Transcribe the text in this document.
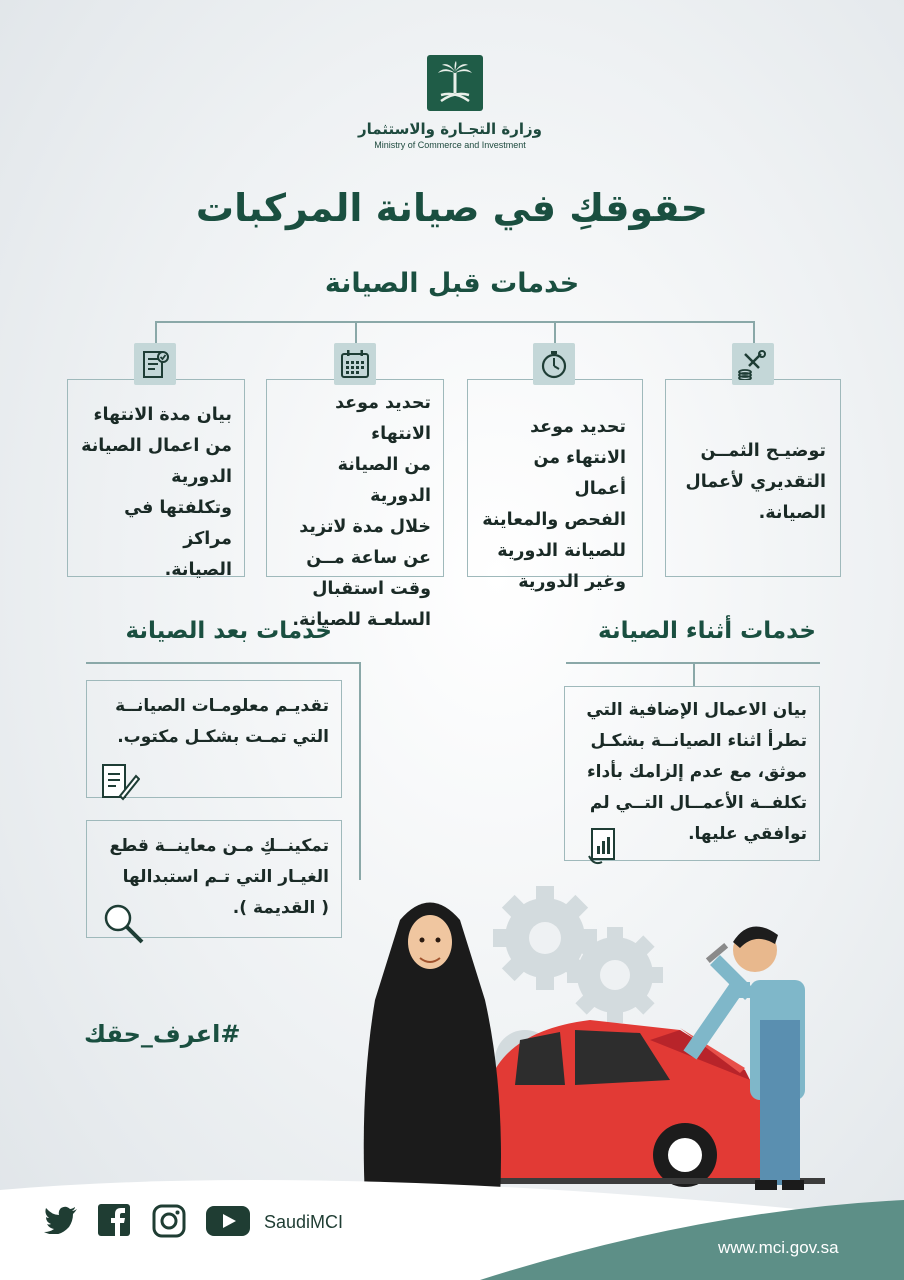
وزارة التجـارة والاستثمار
Ministry of Commerce and Investment
حقوقكِ في صيانة المركبات
خدمات قبل الصيانة
توضيـح الثمــن
التقديري لأعمال
الصيانة.
تحديد موعد
الانتهاء من أعمال
الفحص والمعاينة
للصيانة الدورية
وغير الدورية
تحديد موعد الانتهاء
من الصيانة الدورية
خلال مدة لاتزيد
عن ساعة مــن
وقت استقبال
السلعـة للصيانة.
بيان مدة الانتهاء
من اعمال الصيانة
الدورية
وتكلفتها في مراكز
الصيانة.
خدمات أثناء الصيانة
بيان الاعمال الإضافية التي
تطرأ اثناء الصيانــة بشكـل
موثق، مع عدم إلزامك بأداء
تكلفــة الأعمــال التــي لم
توافقي عليها.
خدمات بعد الصيانة
تقديـم معلومـات الصيانــة
التي تمـت بشكـل مكتوب.
تمكينــكِ مـن معاينــة قطع
الغيـار التي تـم استبدالها
( القديمة ).
#اعرف_حقك
SaudiMCI
www.mci.gov.sa
